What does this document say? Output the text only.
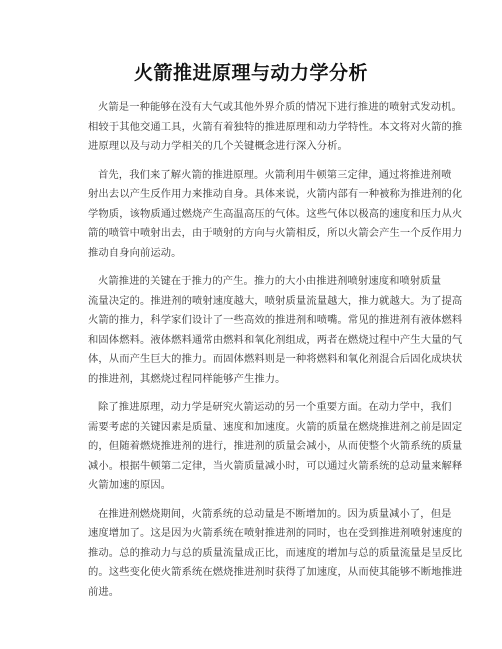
火箭推进原理与动力学分析
火箭是一种能够在没有大气或其他外界介质的情况下进行推进的喷射式发动机。
相较于其他交通工具，火箭有着独特的推进原理和动力学特性。本文将对火箭的推
进原理以及与动力学相关的几个关键概念进行深入分析。
首先，我们来了解火箭的推进原理。火箭利用牛顿第三定律，通过将推进剂喷
射出去以产生反作用力来推动自身。具体来说，火箭内部有一种被称为推进剂的化
学物质，该物质通过燃烧产生高温高压的气体。这些气体以极高的速度和压力从火
箭的喷管中喷射出去，由于喷射的方向与火箭相反，所以火箭会产生一个反作用力
推动自身向前运动。
火箭推进的关键在于推力的产生。推力的大小由推进剂喷射速度和喷射质量
流量决定的。推进剂的喷射速度越大，喷射质量流量越大，推力就越大。为了提高
火箭的推力，科学家们设计了一些高效的推进剂和喷嘴。常见的推进剂有液体燃料
和固体燃料。液体燃料通常由燃料和氧化剂组成，两者在燃烧过程中产生大量的气
体，从而产生巨大的推力。而固体燃料则是一种将燃料和氧化剂混合后固化成块状
的推进剂，其燃烧过程同样能够产生推力。
除了推进原理，动力学是研究火箭运动的另一个重要方面。在动力学中，我们
需要考虑的关键因素是质量、速度和加速度。火箭的质量在燃烧推进剂之前是固定
的，但随着燃烧推进剂的进行，推进剂的质量会减小，从而使整个火箭系统的质量
减小。根据牛顿第二定律，当火箭质量减小时，可以通过火箭系统的总动量来解释
火箭加速的原因。
在推进剂燃烧期间，火箭系统的总动量是不断增加的。因为质量减小了，但是
速度增加了。这是因为火箭系统在喷射推进剂的同时，也在受到推进剂喷射速度的
推动。总的推动力与总的质量流量成正比，而速度的增加与总的质量流量是呈反比
的。这些变化使火箭系统在燃烧推进剂时获得了加速度，从而使其能够不断地推进
前进。
